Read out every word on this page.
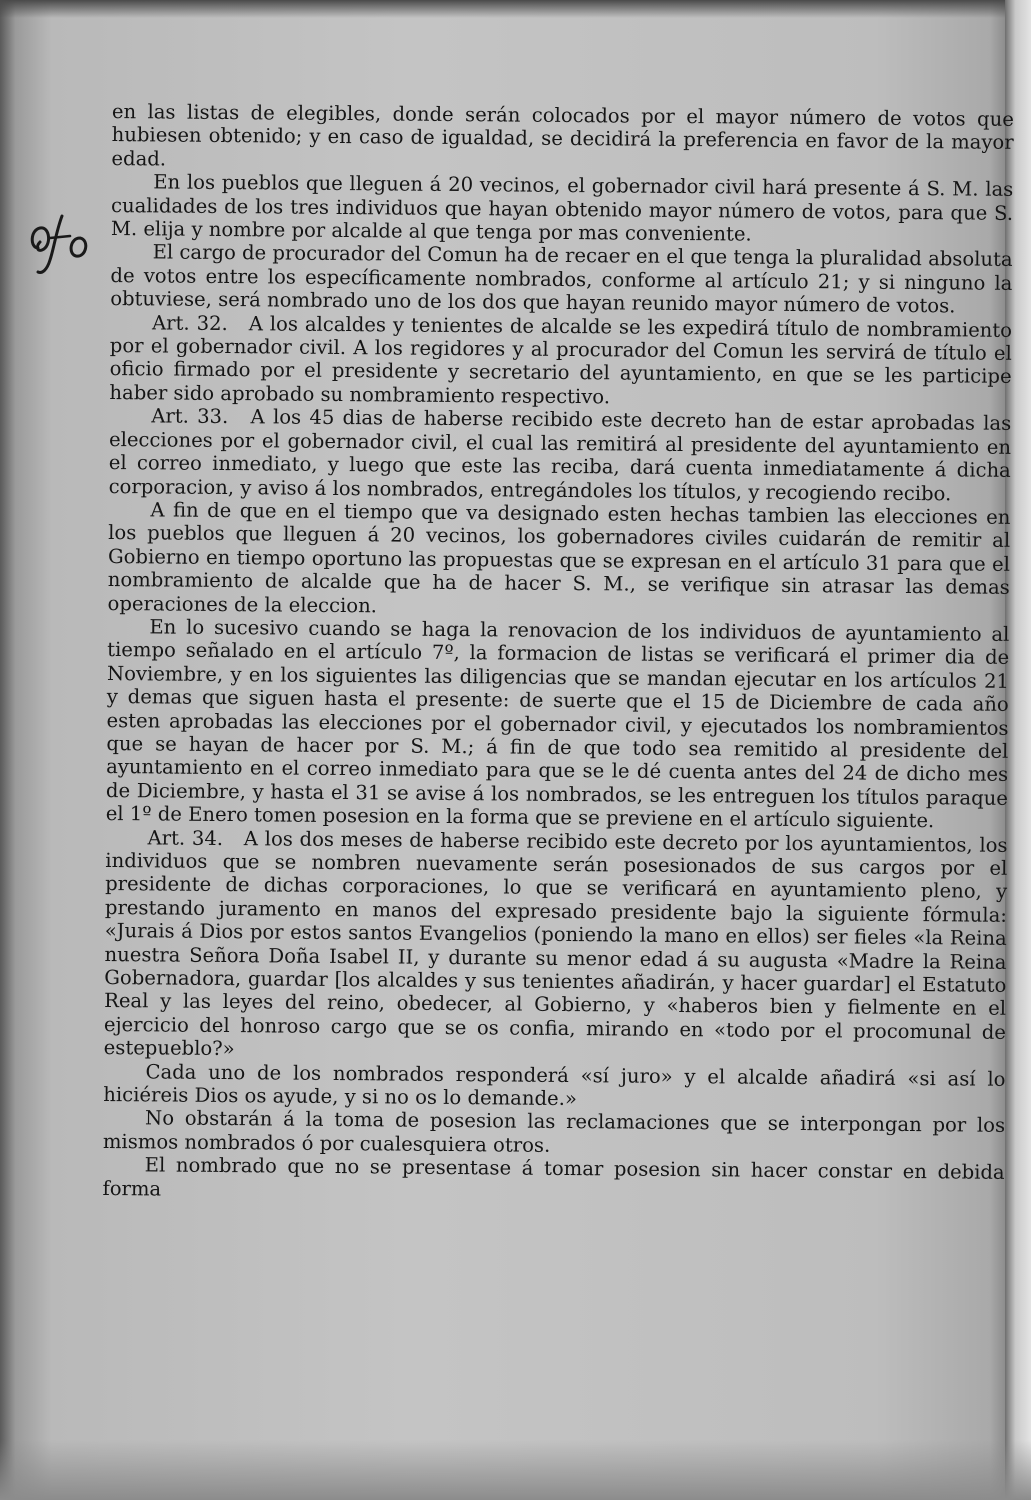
en las listas de elegibles, donde serán colocados por el mayor número de votos que hubiesen obtenido; y en caso de igualdad, se decidirá la preferencia en favor de la mayor edad.

En los pueblos que lleguen á 20 vecinos, el gobernador civil hará presente á S. M. las cualidades de los tres individuos que hayan obtenido mayor número de votos, para que S. M. elija y nombre por alcalde al que tenga por mas conveniente.

El cargo de procurador del Comun ha de recaer en el que tenga la pluralidad absoluta de votos entre los específicamente nombrados, conforme al artículo 21; y si ninguno la obtuviese, será nombrado uno de los dos que hayan reunido mayor número de votos.

Art. 32. A los alcaldes y tenientes de alcalde se les expedirá título de nombramiento por el gobernador civil. A los regidores y al procurador del Comun les servirá de título el oficio firmado por el presidente y secretario del ayuntamiento, en que se les participe haber sido aprobado su nombramiento respectivo.

Art. 33. A los 45 dias de haberse recibido este decreto han de estar aprobadas las elecciones por el gobernador civil, el cual las remitirá al presidente del ayuntamiento en el correo inmediato, y luego que este las reciba, dará cuenta inmediatamente á dicha corporacion, y aviso á los nombrados, entregándoles los títulos, y recogiendo recibo.

A fin de que en el tiempo que va designado esten hechas tambien las elecciones en los pueblos que lleguen á 20 vecinos, los gobernadores civiles cuidarán de remitir al Gobierno en tiempo oportuno las propuestas que se expresan en el artículo 31 para que el nombramiento de alcalde que ha de hacer S. M., se verifique sin atrasar las demas operaciones de la eleccion.

En lo sucesivo cuando se haga la renovacion de los individuos de ayuntamiento al tiempo señalado en el artículo 7º, la formacion de listas se verificará el primer dia de Noviembre, y en los siguientes las diligencias que se mandan ejecutar en los artículos 21 y demas que siguen hasta el presente: de suerte que el 15 de Diciembre de cada año esten aprobadas las elecciones por el gobernador civil, y ejecutados los nombramientos que se hayan de hacer por S. M.; á fin de que todo sea remitido al presidente del ayuntamiento en el correo inmediato para que se le dé cuenta antes del 24 de dicho mes de Diciembre, y hasta el 31 se avise á los nombrados, se les entreguen los títulos paraque el 1º de Enero tomen posesion en la forma que se previene en el artículo siguiente.

Art. 34. A los dos meses de haberse recibido este decreto por los ayuntamientos, los individuos que se nombren nuevamente serán posesionados de sus cargos por el presidente de dichas corporaciones, lo que se verificará en ayuntamiento pleno, y prestando juramento en manos del expresado presidente bajo la siguiente fórmula: «Jurais á Dios por estos santos Evangelios (poniendo la mano en ellos) ser fieles «la Reina nuestra Señora Doña Isabel II, y durante su menor edad á su augusta «Madre la Reina Gobernadora, guardar [los alcaldes y sus tenientes añadirán, y hacer guardar] el Estatuto Real y las leyes del reino, obedecer, al Gobierno, y «haberos bien y fielmente en el ejercicio del honroso cargo que se os confia, mirando en «todo por el procomunal de estepueblo?»

Cada uno de los nombrados responderá «sí juro» y el alcalde añadirá «si así lo hiciéreis Dios os ayude, y si no os lo demande.»

No obstarán á la toma de posesion las reclamaciones que se interpongan por los mismos nombrados ó por cualesquiera otros.

El nombrado que no se presentase á tomar posesion sin hacer constar en debida forma
